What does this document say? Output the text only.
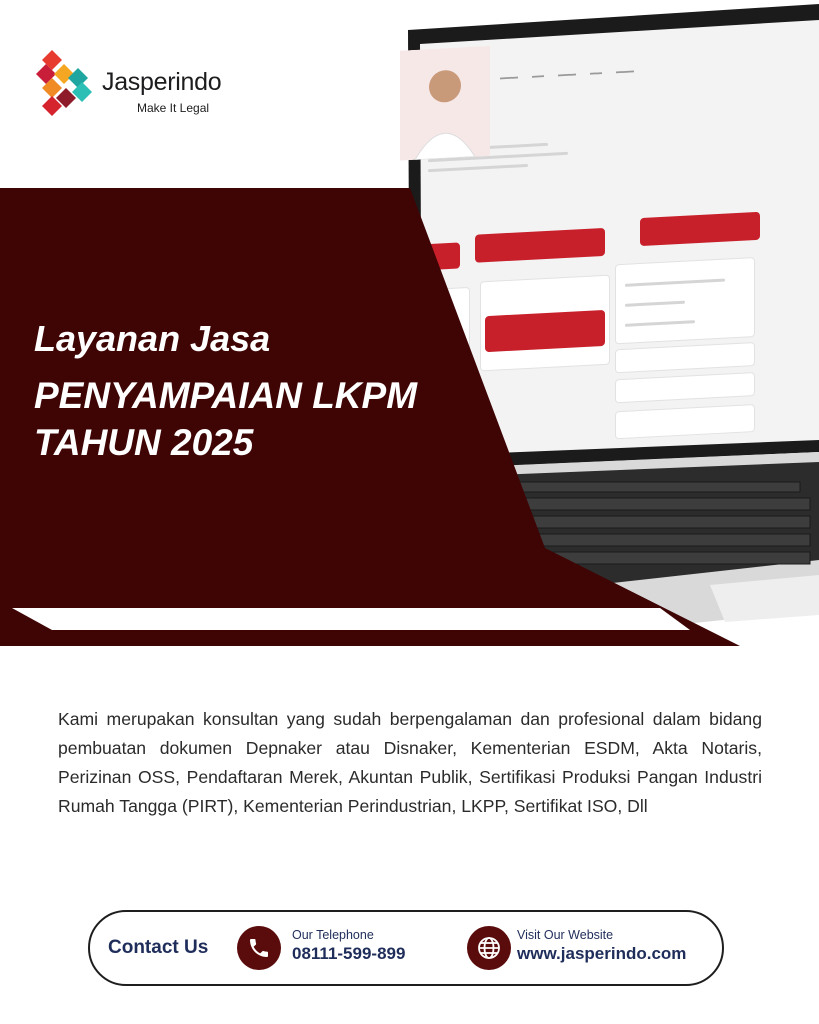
Jasperindo
Make It Legal
▬▬▬ ▬▬ ▬▬▬ ▬▬ ▬▬▬
Layanan Jasa
PENYAMPAIAN LKPM TAHUN 2025

Kami merupakan konsultan yang sudah berpengalaman dan profesional dalam bidang pembuatan dokumen Depnaker atau Disnaker, Kementerian ESDM, Akta Notaris, Perizinan OSS, Pendaftaran Merek, Akuntan Publik, Sertifikasi Produksi Pangan Industri Rumah Tangga (PIRT), Kementerian Perindustrian, LKPP, Sertifikat ISO, Dll

Contact Us
Our Telephone
08111-599-899
Visit Our Website
www.jasperindo.com
